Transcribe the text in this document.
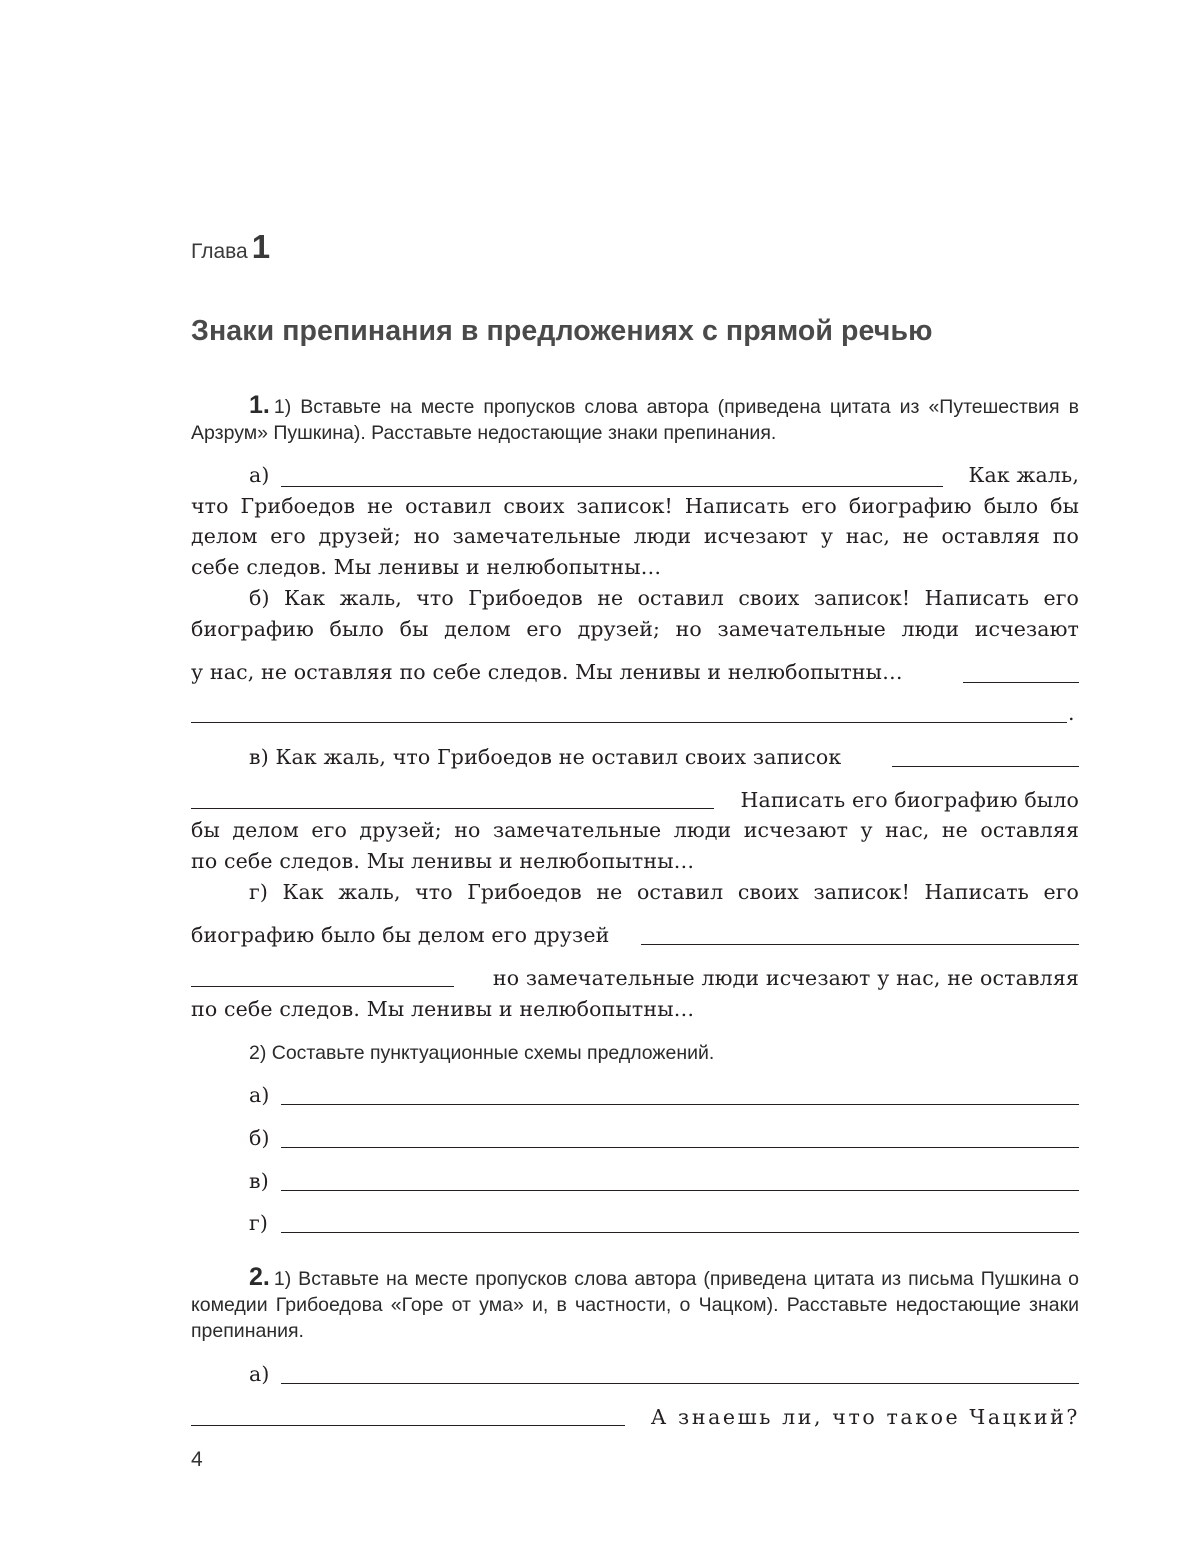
Глава 1
Знаки препинания в предложениях с прямой речью
1. 1) Вставьте на месте пропусков слова автора (приведена цитата из «Путешествия в Арзрум» Пушкина). Расставьте недостающие знаки препинания.
а)	Как жаль,
что Грибоедов не оставил своих записок! Написать его биографию было бы
делом его друзей; но замечательные люди исчезают у нас, не оставляя по
себе следов. Мы ленивы и нелюбопытны…
б) Как жаль, что Грибоедов не оставил своих записок! Написать его
биографию было бы делом его друзей; но замечательные люди исчезают
у нас, не оставляя по себе следов. Мы ленивы и нелюбопытны…
.
в) Как жаль, что Грибоедов не оставил своих записок
Написать его биографию было
бы делом его друзей; но замечательные люди исчезают у нас, не оставляя
по себе следов. Мы ленивы и нелюбопытны…
г) Как жаль, что Грибоедов не оставил своих записок! Написать его
биографию было бы делом его друзей
но замечательные люди исчезают у нас, не оставляя
по себе следов. Мы ленивы и нелюбопытны…
2) Составьте пунктуационные схемы предложений.
а)
б)
в)
г)
2. 1) Вставьте на месте пропусков слова автора (приведена цитата из письма Пушкина о комедии Грибоедова «Горе от ума» и, в частности, о Чацком). Расставьте недостающие знаки препинания.
а)
А знаешь ли, что такое Чацкий?
4
